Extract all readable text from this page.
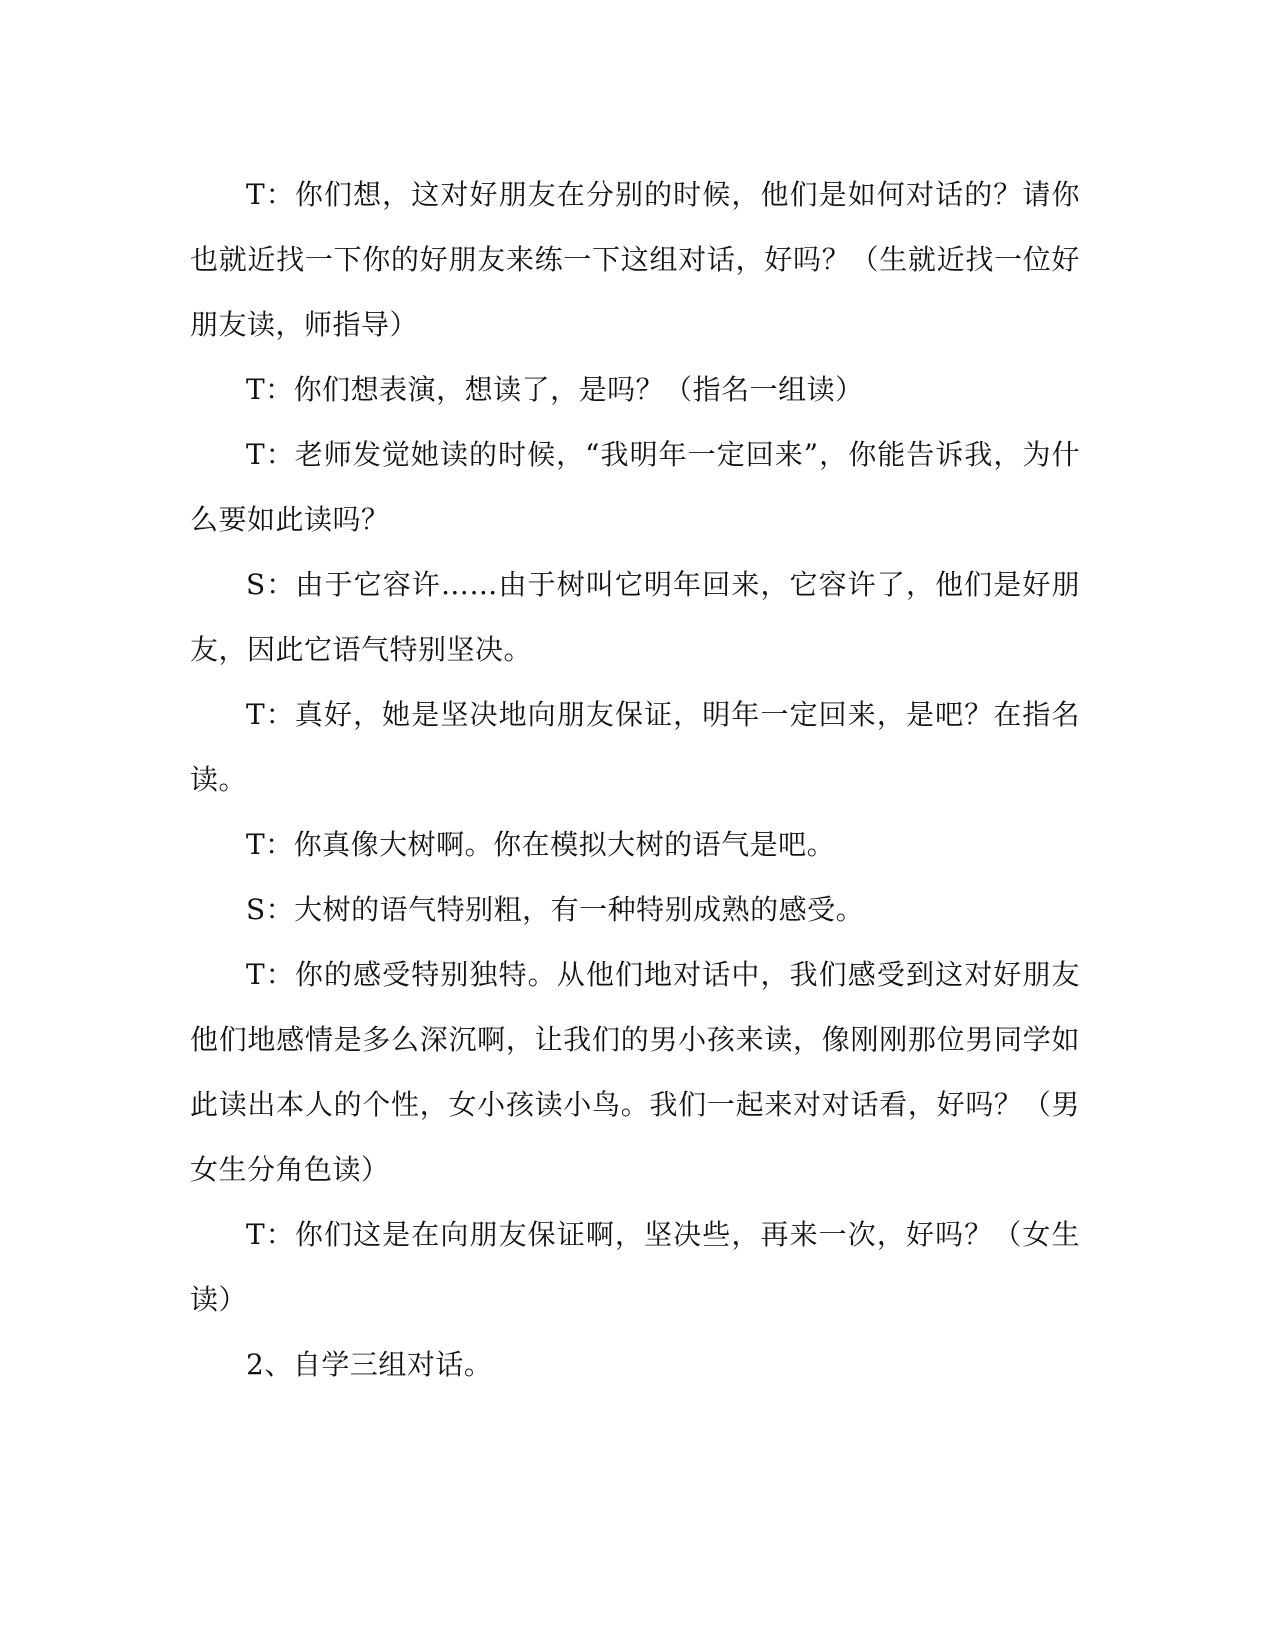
T：你们想，这对好朋友在分别的时候，他们是如何对话的？请你也就近找一下你的好朋友来练一下这组对话，好吗？（生就近找一位好朋友读，师指导）

T：你们想表演，想读了，是吗？（指名一组读）

T：老师发觉她读的时候，“我明年一定回来”，你能告诉我，为什么要如此读吗？

S：由于它容许……由于树叫它明年回来，它容许了，他们是好朋友，因此它语气特别坚决。

T：真好，她是坚决地向朋友保证，明年一定回来，是吧？在指名读。

T：你真像大树啊。你在模拟大树的语气是吧。

S：大树的语气特别粗，有一种特别成熟的感受。

T：你的感受特别独特。从他们地对话中，我们感受到这对好朋友他们地感情是多么深沉啊，让我们的男小孩来读，像刚刚那位男同学如此读出本人的个性，女小孩读小鸟。我们一起来对对话看，好吗？（男女生分角色读）

T：你们这是在向朋友保证啊，坚决些，再来一次，好吗？（女生读）

2、自学三组对话。
